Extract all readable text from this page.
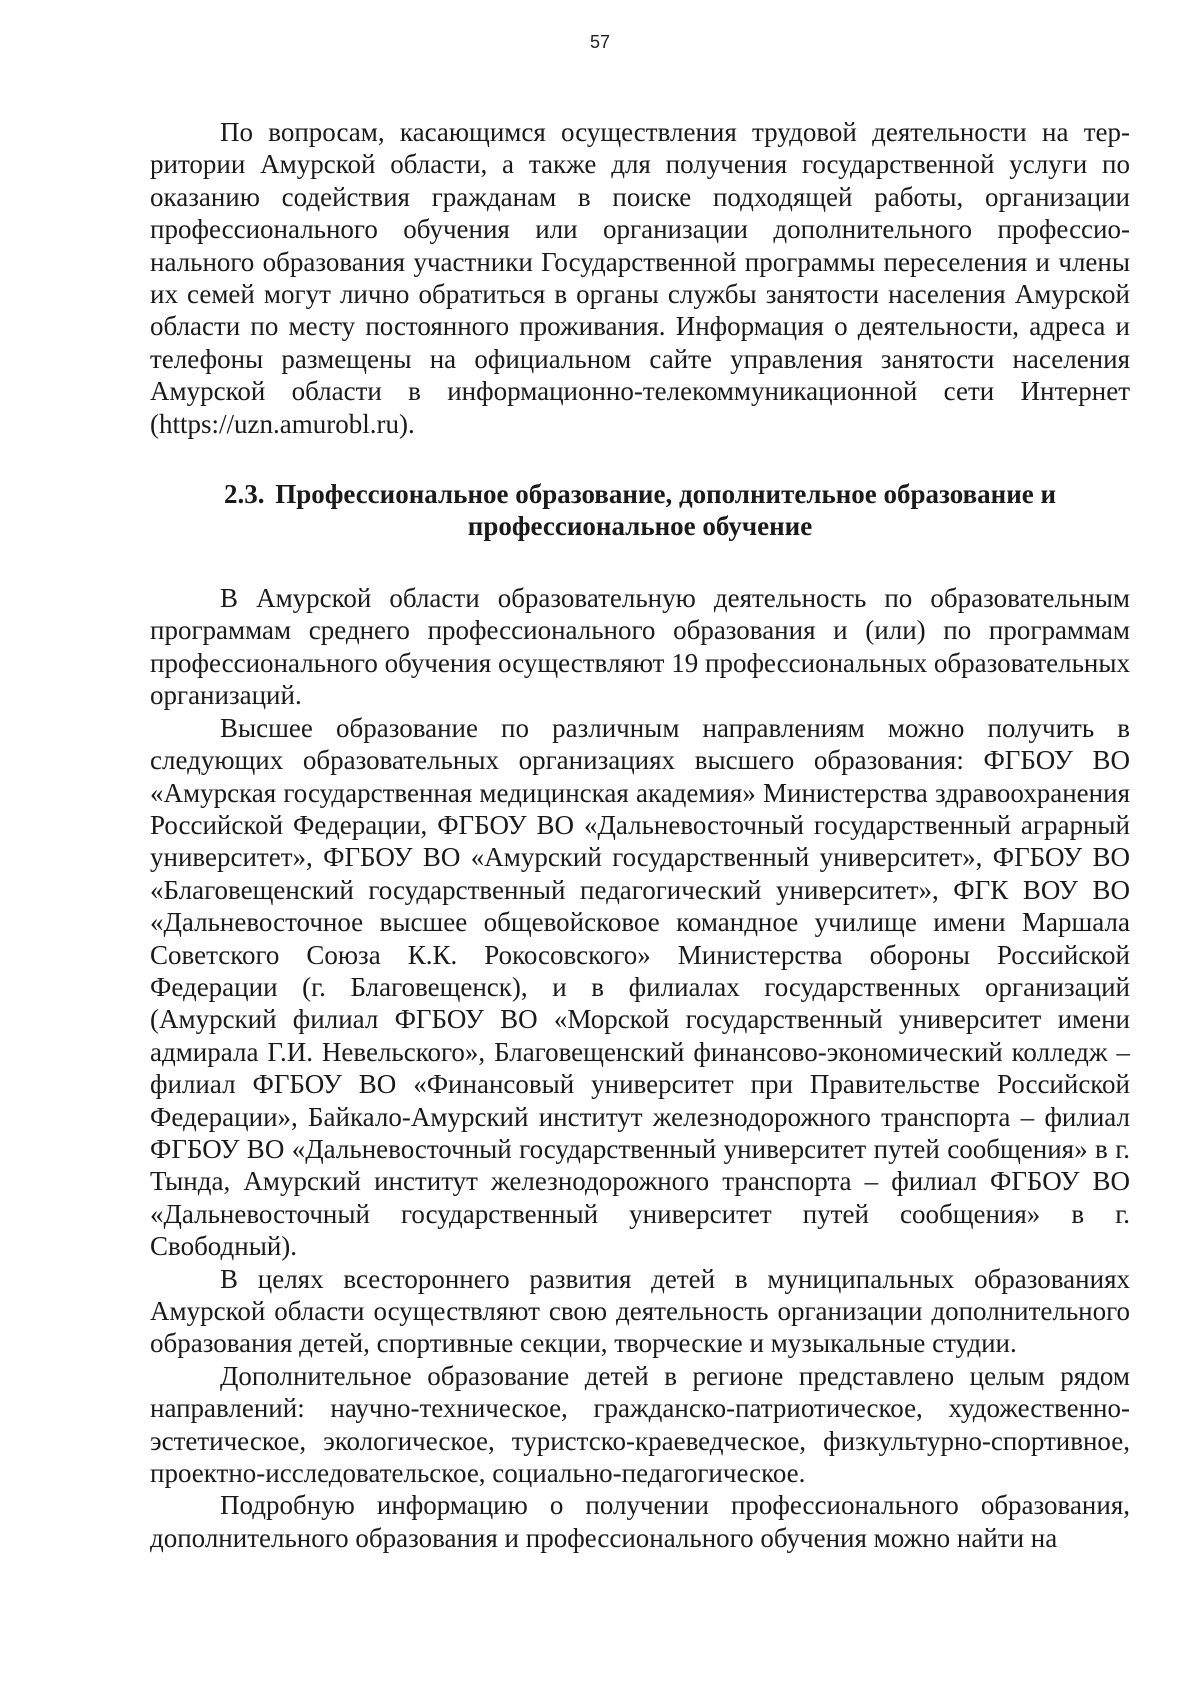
57

По вопросам, касающимся осуществления трудовой деятельности на территории Амурской области, а также для получения государственной услуги по оказанию содействия гражданам в поиске подходящей работы, организации профессионального обучения или организации дополнительного профессионального образования участники Государственной программы переселения и члены их семей могут лично обратиться в органы службы занятости населения Амурской области по месту постоянного проживания. Информация о деятельности, адреса и телефоны размещены на официальном сайте управления занятости населения Амурской области в информационно-телекоммуникационной сети Интернет (https://uzn.amurobl.ru).

2.3. Профессиональное образование, дополнительное образование и профессиональное обучение

В Амурской области образовательную деятельность по образовательным программам среднего профессионального образования и (или) по программам профессионального обучения осуществляют 19 профессиональных образовательных организаций.

Высшее образование по различным направлениям можно получить в следующих образовательных организациях высшего образования: ФГБОУ ВО «Амурская государственная медицинская академия» Министерства здравоохранения Российской Федерации, ФГБОУ ВО «Дальневосточный государственный аграрный университет», ФГБОУ ВО «Амурский государственный университет», ФГБОУ ВО «Благовещенский государственный педагогический университет», ФГК ВОУ ВО «Дальневосточное высшее общевойсковое командное училище имени Маршала Советского Союза К.К. Рокосовского» Министерства обороны Российской Федерации (г. Благовещенск), и в филиалах государственных организаций (Амурский филиал ФГБОУ ВО «Морской государственный университет имени адмирала Г.И. Невельского», Благовещенский финансово-экономический колледж – филиал ФГБОУ ВО «Финансовый университет при Правительстве Российской Федерации», Байкало-Амурский институт железнодорожного транспорта – филиал ФГБОУ ВО «Дальневосточный государственный университет путей сообщения» в г. Тында, Амурский институт железнодорожного транспорта – филиал ФГБОУ ВО «Дальневосточный государственный университет путей сообщения» в г. Свободный).

В целях всестороннего развития детей в муниципальных образованиях Амурской области осуществляют свою деятельность организации дополнительного образования детей, спортивные секции, творческие и музыкальные студии.

Дополнительное образование детей в регионе представлено целым рядом направлений: научно-техническое, гражданско-патриотическое, художественно-эстетическое, экологическое, туристско-краеведческое, физкультурно-спортивное, проектно-исследовательское, социально-педагогическое.

Подробную информацию о получении профессионального образования, дополнительного образования и профессионального обучения можно найти на
